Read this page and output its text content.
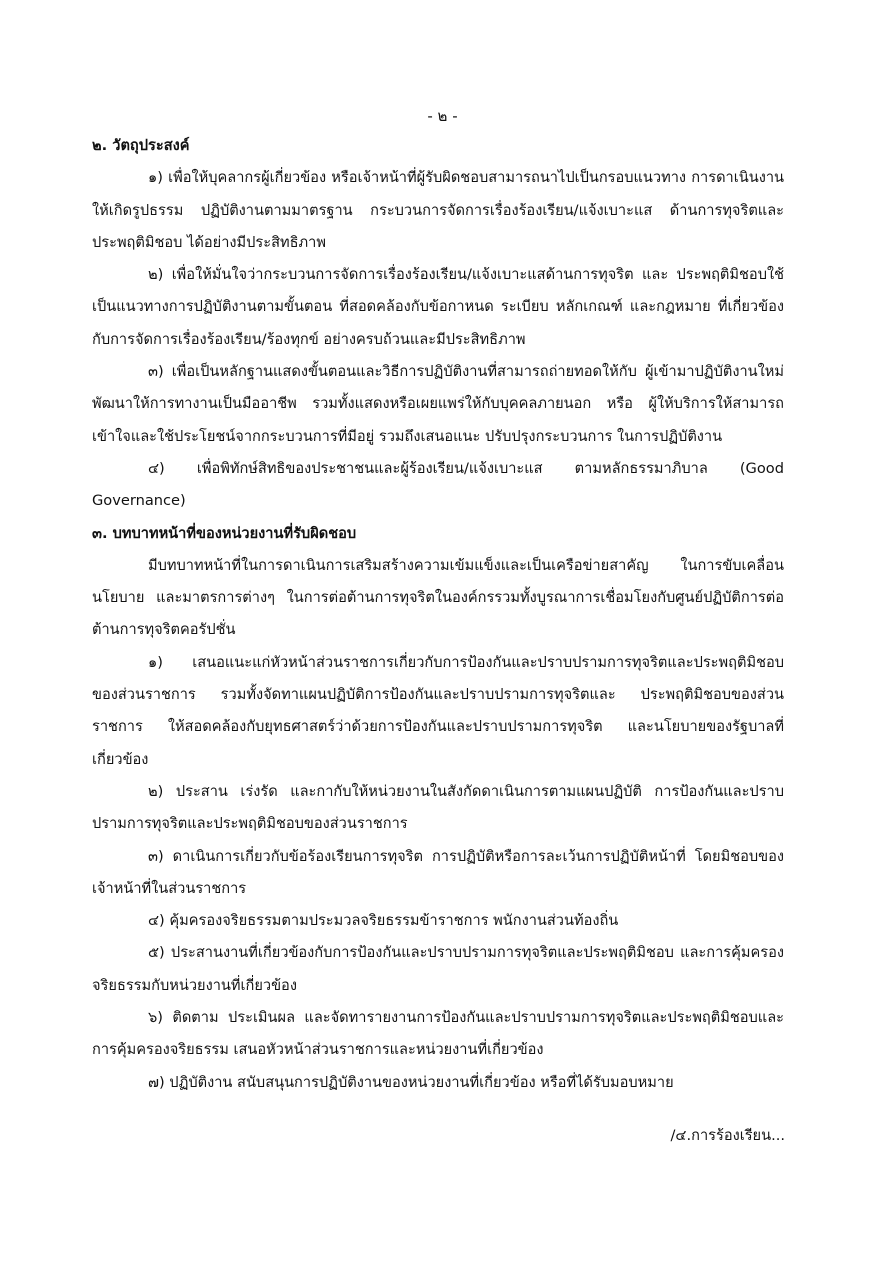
- ๒ -

๒. วัตถุประสงค์

๑) เพื่อให้บุคลากรผู้เกี่ยวข้อง หรือเจ้าหน้าที่ผู้รับผิดชอบสามารถนาไปเป็นกรอบแนวทาง การดาเนินงานให้เกิดรูปธรรม ปฏิบัติงานตามมาตรฐาน กระบวนการจัดการเรื่องร้องเรียน/แจ้งเบาะแส ด้านการทุจริตและประพฤติมิชอบ ได้อย่างมีประสิทธิภาพ

๒) เพื่อให้มั่นใจว่ากระบวนการจัดการเรื่องร้องเรียน/แจ้งเบาะแสด้านการทุจริต และ ประพฤติมิชอบใช้เป็นแนวทางการปฏิบัติงานตามขั้นตอน ที่สอดคล้องกับข้อกาหนด ระเบียบ หลักเกณฑ์ และกฎหมาย ที่เกี่ยวข้องกับการจัดการเรื่องร้องเรียน/ร้องทุกข์ อย่างครบถ้วนและมีประสิทธิภาพ

๓) เพื่อเป็นหลักฐานแสดงขั้นตอนและวิธีการปฏิบัติงานที่สามารถถ่ายทอดให้กับ ผู้เข้ามาปฏิบัติงานใหม่ พัฒนาให้การทางานเป็นมืออาชีพ รวมทั้งแสดงหรือเผยแพร่ให้กับบุคคลภายนอก หรือ ผู้ให้บริการให้สามารถเข้าใจและใช้ประโยชน์จากกระบวนการที่มีอยู่ รวมถึงเสนอแนะ ปรับปรุงกระบวนการ ในการปฏิบัติงาน

๔) เพื่อพิทักษ์สิทธิของประชาชนและผู้ร้องเรียน/แจ้งเบาะแส ตามหลักธรรมาภิบาล (Good Governance)

๓. บทบาทหน้าที่ของหน่วยงานที่รับผิดชอบ

มีบทบาทหน้าที่ในการดาเนินการเสริมสร้างความเข้มแข็งและเป็นเครือข่ายสาคัญ ในการขับเคลื่อนนโยบาย และมาตรการต่างๆ ในการต่อต้านการทุจริตในองค์กรรวมทั้งบูรณาการเชื่อมโยงกับศูนย์ปฏิบัติการต่อต้านการทุจริตคอรัปชั่น

๑) เสนอแนะแก่หัวหน้าส่วนราชการเกี่ยวกับการป้องกันและปราบปรามการทุจริตและประพฤติมิชอบของส่วนราชการ รวมทั้งจัดทาแผนปฏิบัติการป้องกันและปราบปรามการทุจริตและ ประพฤติมิชอบของส่วนราชการ ให้สอดคล้องกับยุทธศาสตร์ว่าด้วยการป้องกันและปราบปรามการทุจริต และนโยบายของรัฐบาลที่เกี่ยวข้อง

๒) ประสาน เร่งรัด และกากับให้หน่วยงานในสังกัดดาเนินการตามแผนปฏิบัติ การป้องกันและปราบปรามการทุจริตและประพฤติมิชอบของส่วนราชการ

๓) ดาเนินการเกี่ยวกับข้อร้องเรียนการทุจริต การปฏิบัติหรือการละเว้นการปฏิบัติหน้าที่ โดยมิชอบของเจ้าหน้าที่ในส่วนราชการ

๔) คุ้มครองจริยธรรมตามประมวลจริยธรรมข้าราชการ พนักงานส่วนท้องถิ่น

๕) ประสานงานที่เกี่ยวข้องกับการป้องกันและปราบปรามการทุจริตและประพฤติมิชอบ และการคุ้มครองจริยธรรมกับหน่วยงานที่เกี่ยวข้อง

๖) ติดตาม ประเมินผล และจัดทารายงานการป้องกันและปราบปรามการทุจริตและประพฤติมิชอบและการคุ้มครองจริยธรรม เสนอหัวหน้าส่วนราชการและหน่วยงานที่เกี่ยวข้อง

๗) ปฏิบัติงาน สนับสนุนการปฏิบัติงานของหน่วยงานที่เกี่ยวข้อง หรือที่ได้รับมอบหมาย

/๔.การร้องเรียน...
